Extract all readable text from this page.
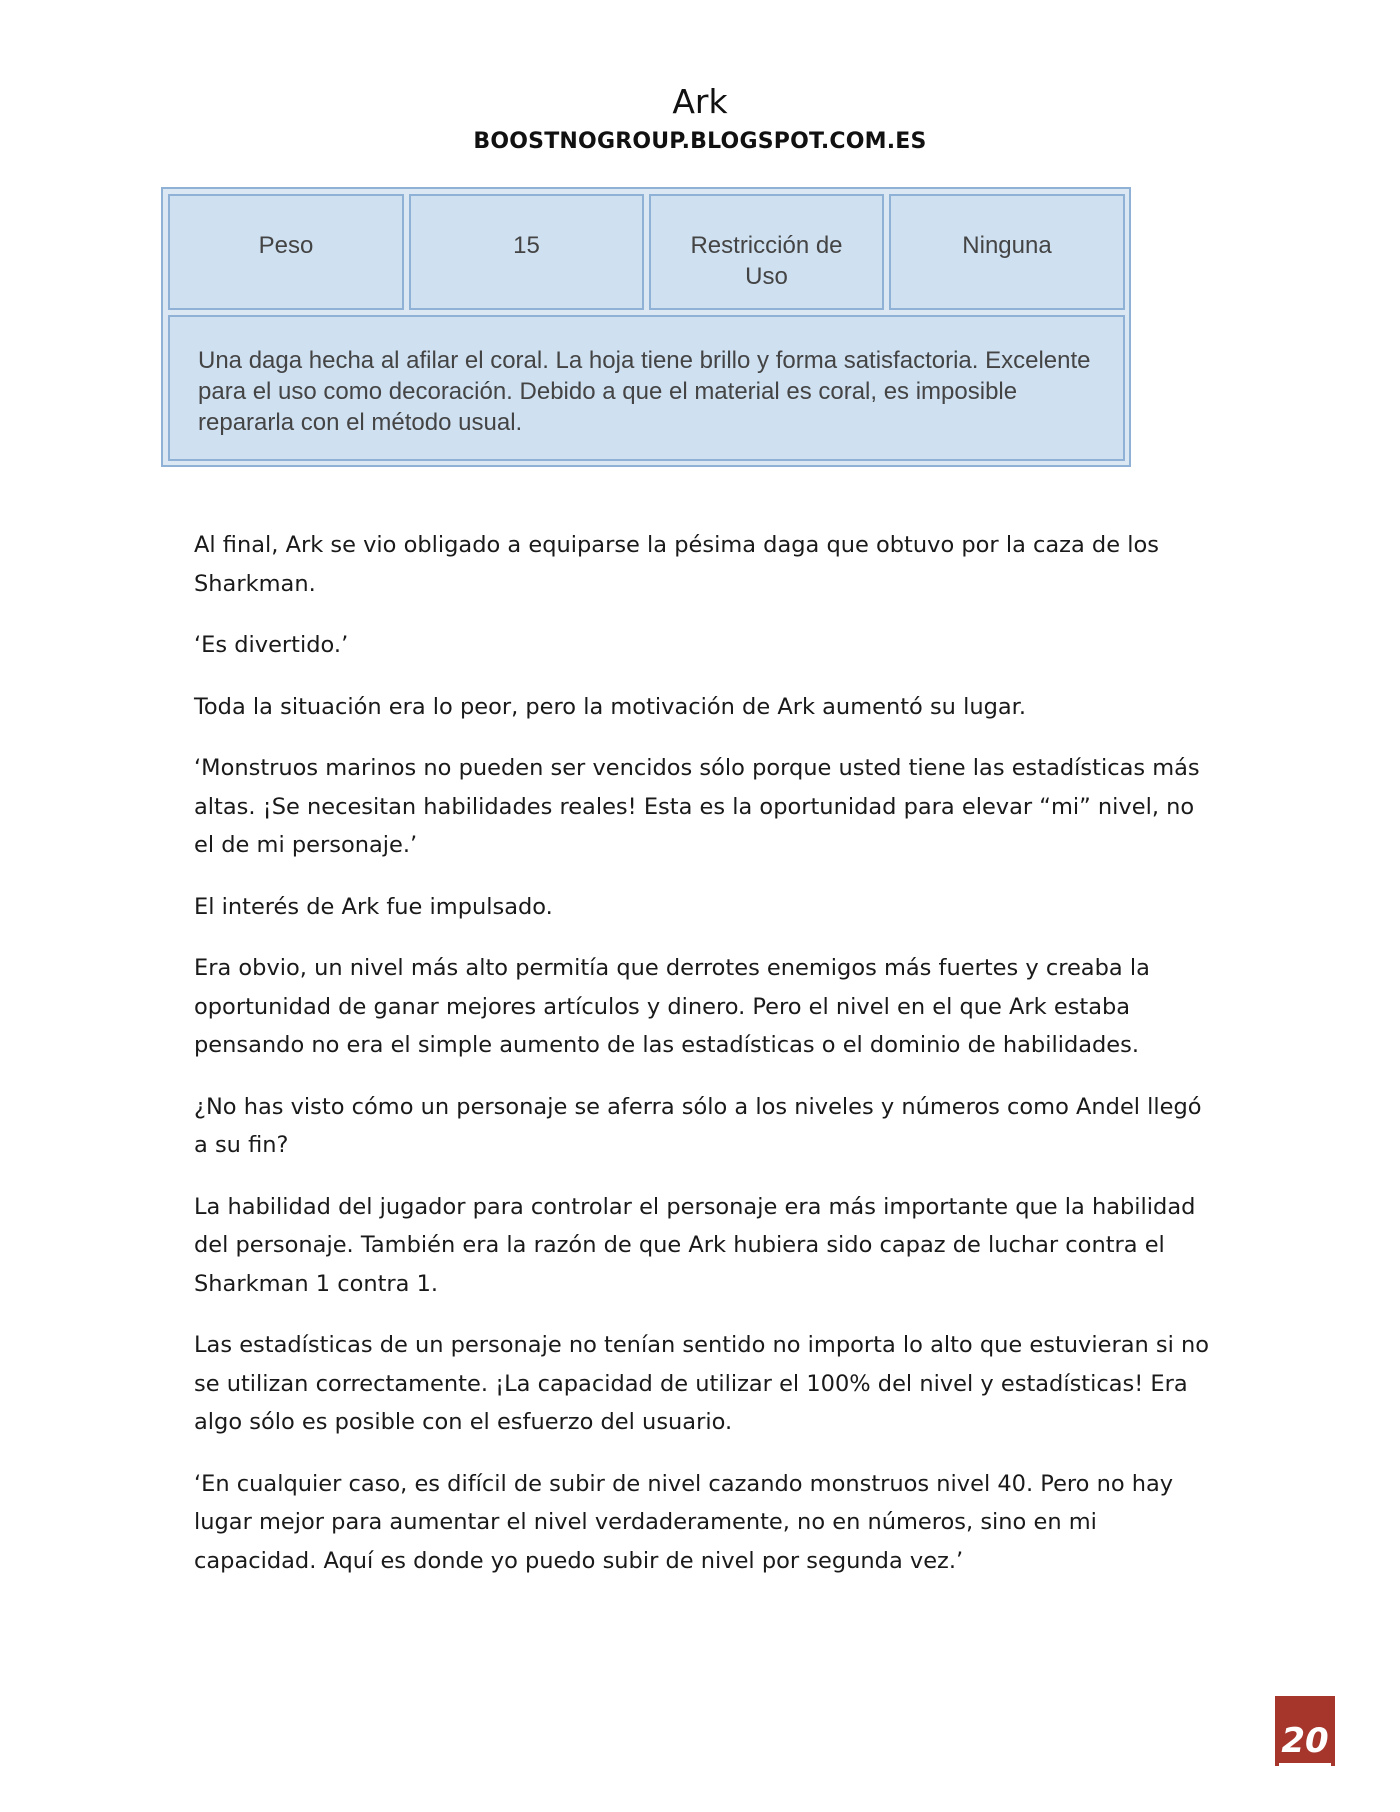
Ark
BOOSTNOGROUP.BLOGSPOT.COM.ES
Peso	15	Restricción de Uso
Ninguna
Una daga hecha al afilar el coral. La hoja tiene brillo y forma satisfactoria. Excelente para el uso como decoración. Debido a que el material es coral, es imposible repararla con el método usual.

Al final, Ark se vio obligado a equiparse la pésima daga que obtuvo por la caza de los Sharkman.

‘Es divertido.’

Toda la situación era lo peor, pero la motivación de Ark aumentó su lugar.

‘Monstruos marinos no pueden ser vencidos sólo porque usted tiene las estadísticas más altas. ¡Se necesitan habilidades reales! Esta es la oportunidad para elevar “mi” nivel, no el de mi personaje.’

El interés de Ark fue impulsado.

Era obvio, un nivel más alto permitía que derrotes enemigos más fuertes y creaba la oportunidad de ganar mejores artículos y dinero. Pero el nivel en el que Ark estaba pensando no era el simple aumento de las estadísticas o el dominio de habilidades.

¿No has visto cómo un personaje se aferra sólo a los niveles y números como Andel llegó a su fin?

La habilidad del jugador para controlar el personaje era más importante que la habilidad del personaje. También era la razón de que Ark hubiera sido capaz de luchar contra el Sharkman 1 contra 1.

Las estadísticas de un personaje no tenían sentido no importa lo alto que estuvieran si no se utilizan correctamente. ¡La capacidad de utilizar el 100% del nivel y estadísticas! Era algo sólo es posible con el esfuerzo del usuario.

‘En cualquier caso, es difícil de subir de nivel cazando monstruos nivel 40. Pero no hay lugar mejor para aumentar el nivel verdaderamente, no en números, sino en mi capacidad. Aquí es donde yo puedo subir de nivel por segunda vez.’

20
